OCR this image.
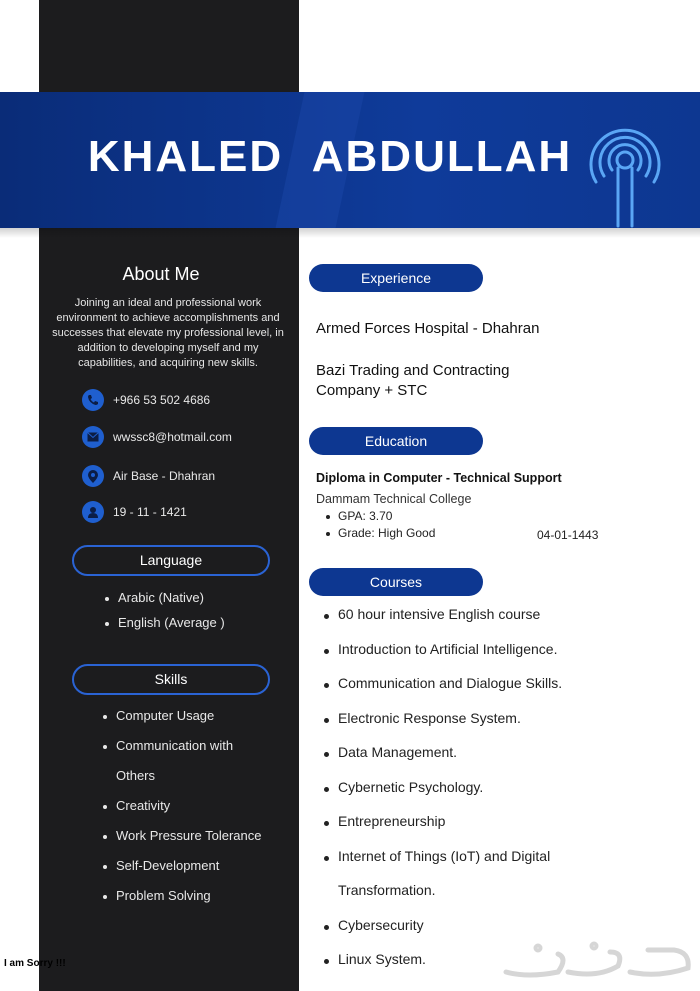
KHALED ABDULLAH
About Me
Joining an ideal and professional work environment to achieve accomplishments and successes that elevate my professional level, in addition to developing myself and my capabilities, and acquiring new skills.
+966 53 502 4686
wwssc8@hotmail.com
Air Base - Dhahran
19 - 11 - 1421
Language
Arabic (Native)
English (Average )
Skills
Computer Usage
Communication with
Others
Creativity
Work Pressure Tolerance
Self-Development
Problem Solving
Experience
Armed Forces Hospital - Dhahran
Bazi Trading and Contracting
Company + STC
Education
Diploma in Computer - Technical Support
Dammam Technical College
GPA: 3.70
Grade: High Good	04-01-1443
Courses
60 hour intensive English course
Introduction to Artificial Intelligence.
Communication and Dialogue Skills.
Electronic Response System.
Data Management.
Cybernetic Psychology.
Entrepreneurship
Internet of Things (IoT) and Digital
Transformation.
Cybersecurity
Linux System.
I am Sorry !!!
